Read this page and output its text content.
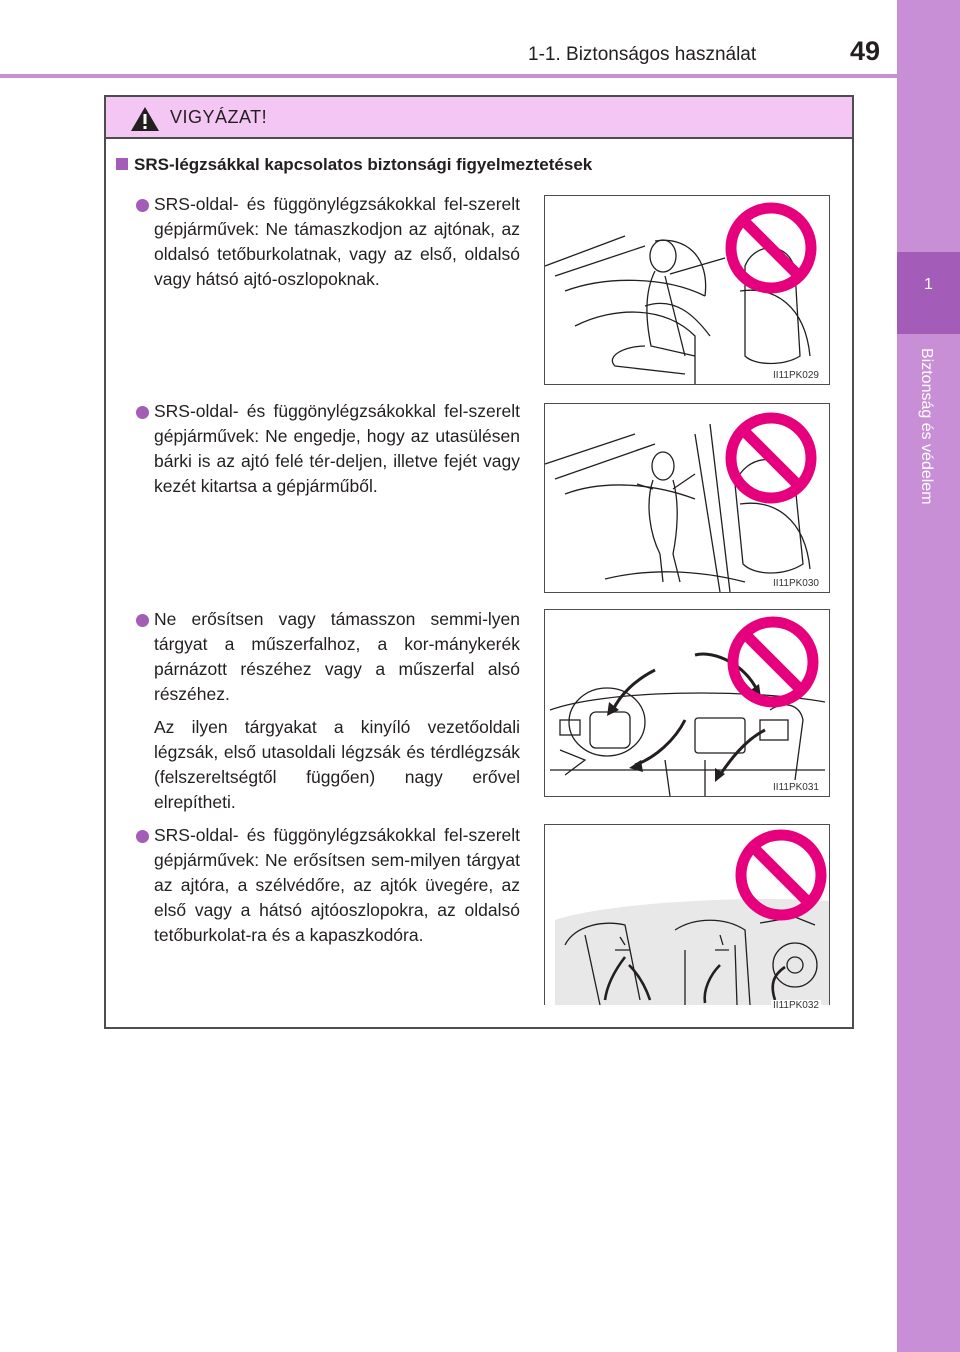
1-1. Biztonságos használat	49
1
Biztonság és védelem
VIGYÁZAT!
SRS-légzsákkal kapcsolatos biztonsági figyelmeztetések
SRS-oldal- és függönylégzsákokkal fel-szerelt gépjárművek: Ne támaszkodjon az ajtónak, az oldalsó tetőburkolatnak, vagy az első, oldalsó vagy hátsó ajtó-oszlopoknak.
II11PK029
SRS-oldal- és függönylégzsákokkal fel-szerelt gépjárművek: Ne engedje, hogy az utasülésen bárki is az ajtó felé tér-deljen, illetve fejét vagy kezét kitartsa a gépjárműből.
II11PK030
Ne erősítsen vagy támasszon semmi-lyen tárgyat a műszerfalhoz, a kor-mánykerék párnázott részéhez vagy a műszerfal alsó részéhez.
Az ilyen tárgyakat a kinyíló vezetőoldali légzsák, első utasoldali légzsák és térdlégzsák (felszereltségtől függően) nagy erővel elrepítheti.
II11PK031
SRS-oldal- és függönylégzsákokkal fel-szerelt gépjárművek: Ne erősítsen sem-milyen tárgyat az ajtóra, a szélvédőre, az ajtók üvegére, az első vagy a hátsó ajtóoszlopokra, az oldalsó tetőburkolat-ra és a kapaszkodóra.
II11PK032
